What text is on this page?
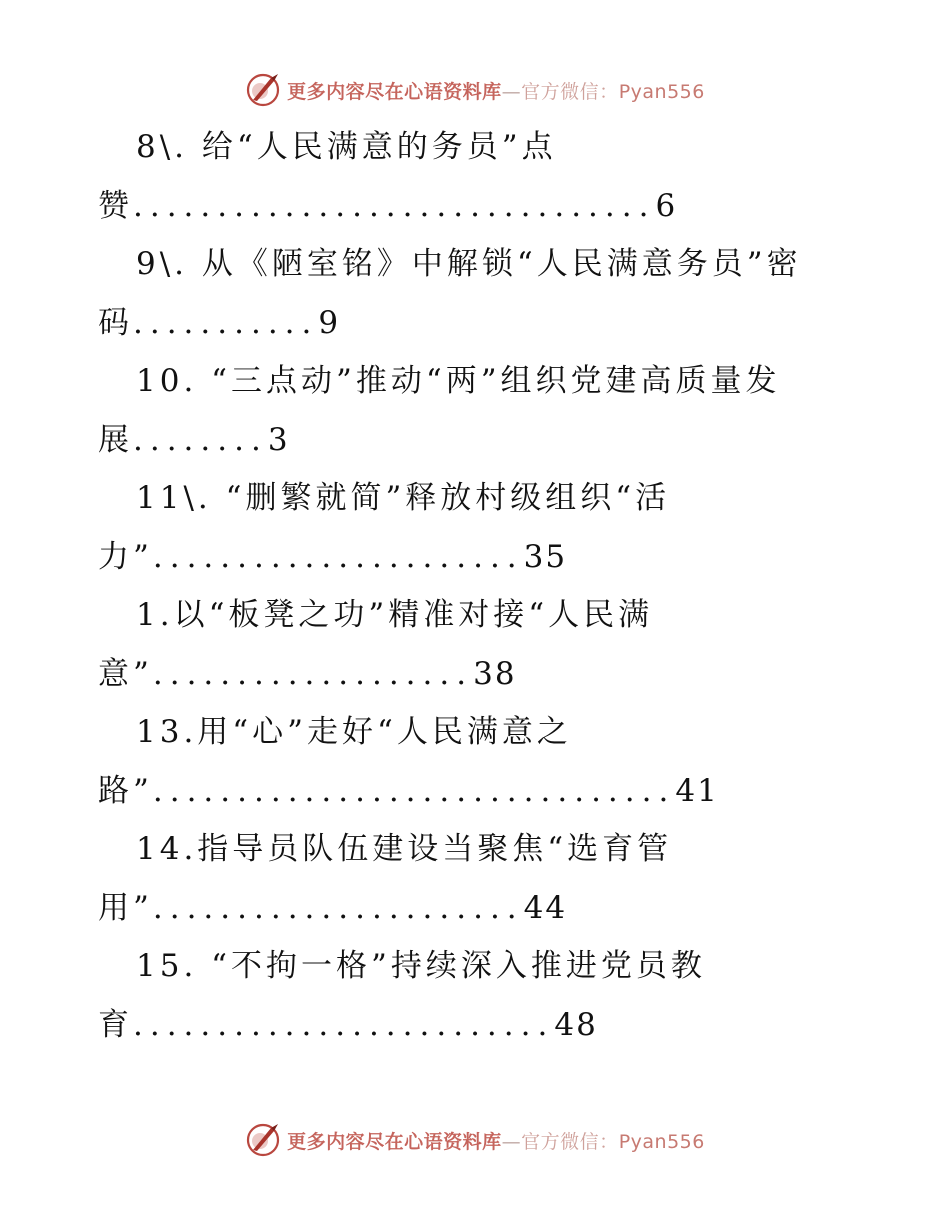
更多内容尽在心语资料库—官方微信：Pyan556
8\. 给“人民满意的务员”点
赞...............................6
9\. 从《陋室铭》中解锁“人民满意务员”密
码...........9
10. “三点动”推动“两”组织党建高质量发
展........3
11\. “删繁就简”释放村级组织“活
力”......................35
1.以“板凳之功”精准对接“人民满
意”...................38
13.用“心”走好“人民满意之
路”...............................41
14.指导员队伍建设当聚焦“选育管
用”......................44
15. “不拘一格”持续深入推进党员教
育.........................48
更多内容尽在心语资料库—官方微信：Pyan556
